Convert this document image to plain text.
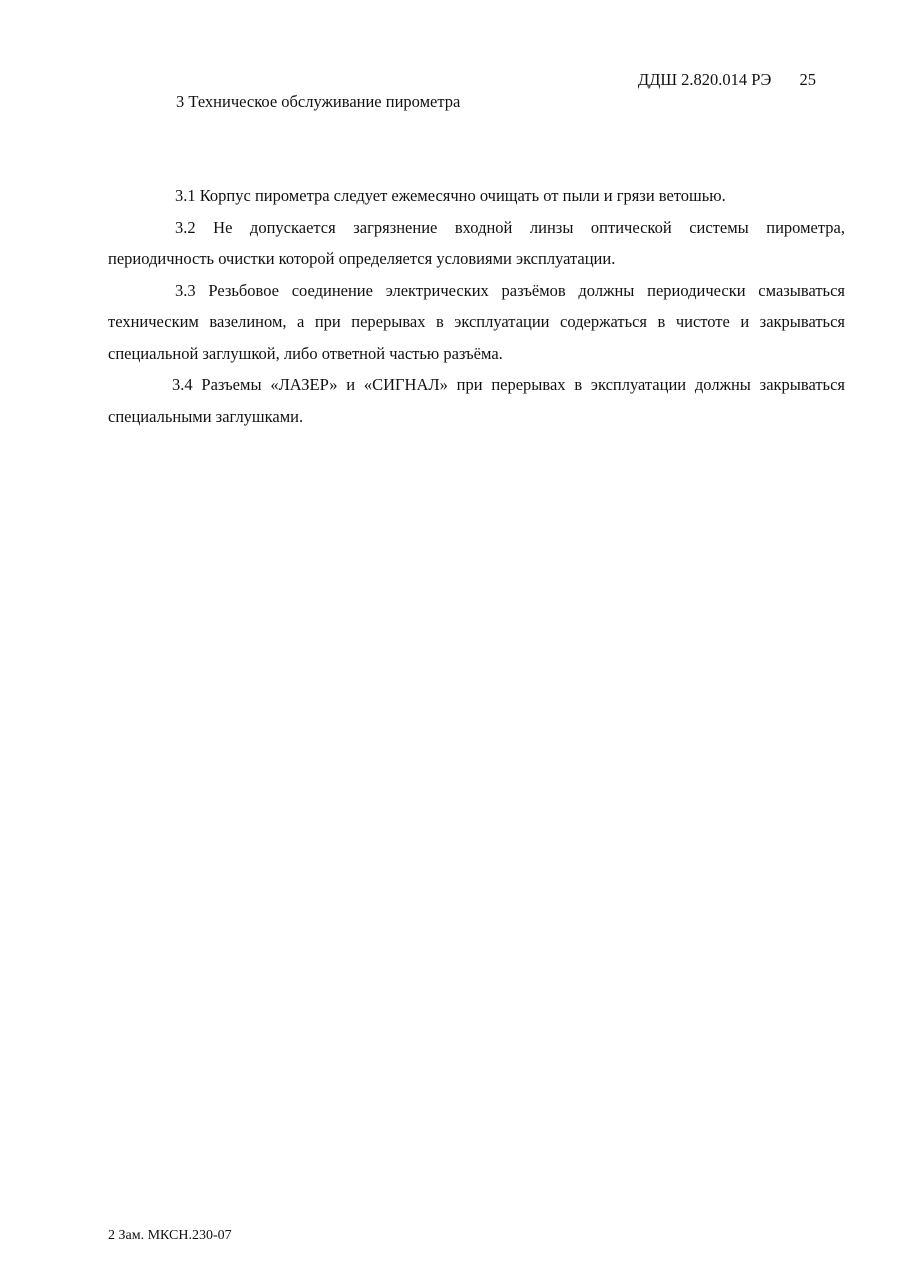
ДДШ 2.820.014 РЭ 25
3 Техническое обслуживание пирометра

3.1 Корпус пирометра следует ежемесячно очищать от пыли и грязи ветошью.

3.2 Не допускается загрязнение входной линзы оптической системы пирометра, периодичность очистки которой определяется условиями эксплуатации.

3.3 Резьбовое соединение электрических разъёмов должны периодически смазываться техническим вазелином, а при перерывах в эксплуатации содержаться в чистоте и закрываться специальной заглушкой, либо ответной частью разъёма.

3.4 Разъемы «ЛАЗЕР» и «СИГНАЛ» при перерывах в эксплуатации должны закрываться специальными заглушками.

2 Зам. МКСН.230-07
